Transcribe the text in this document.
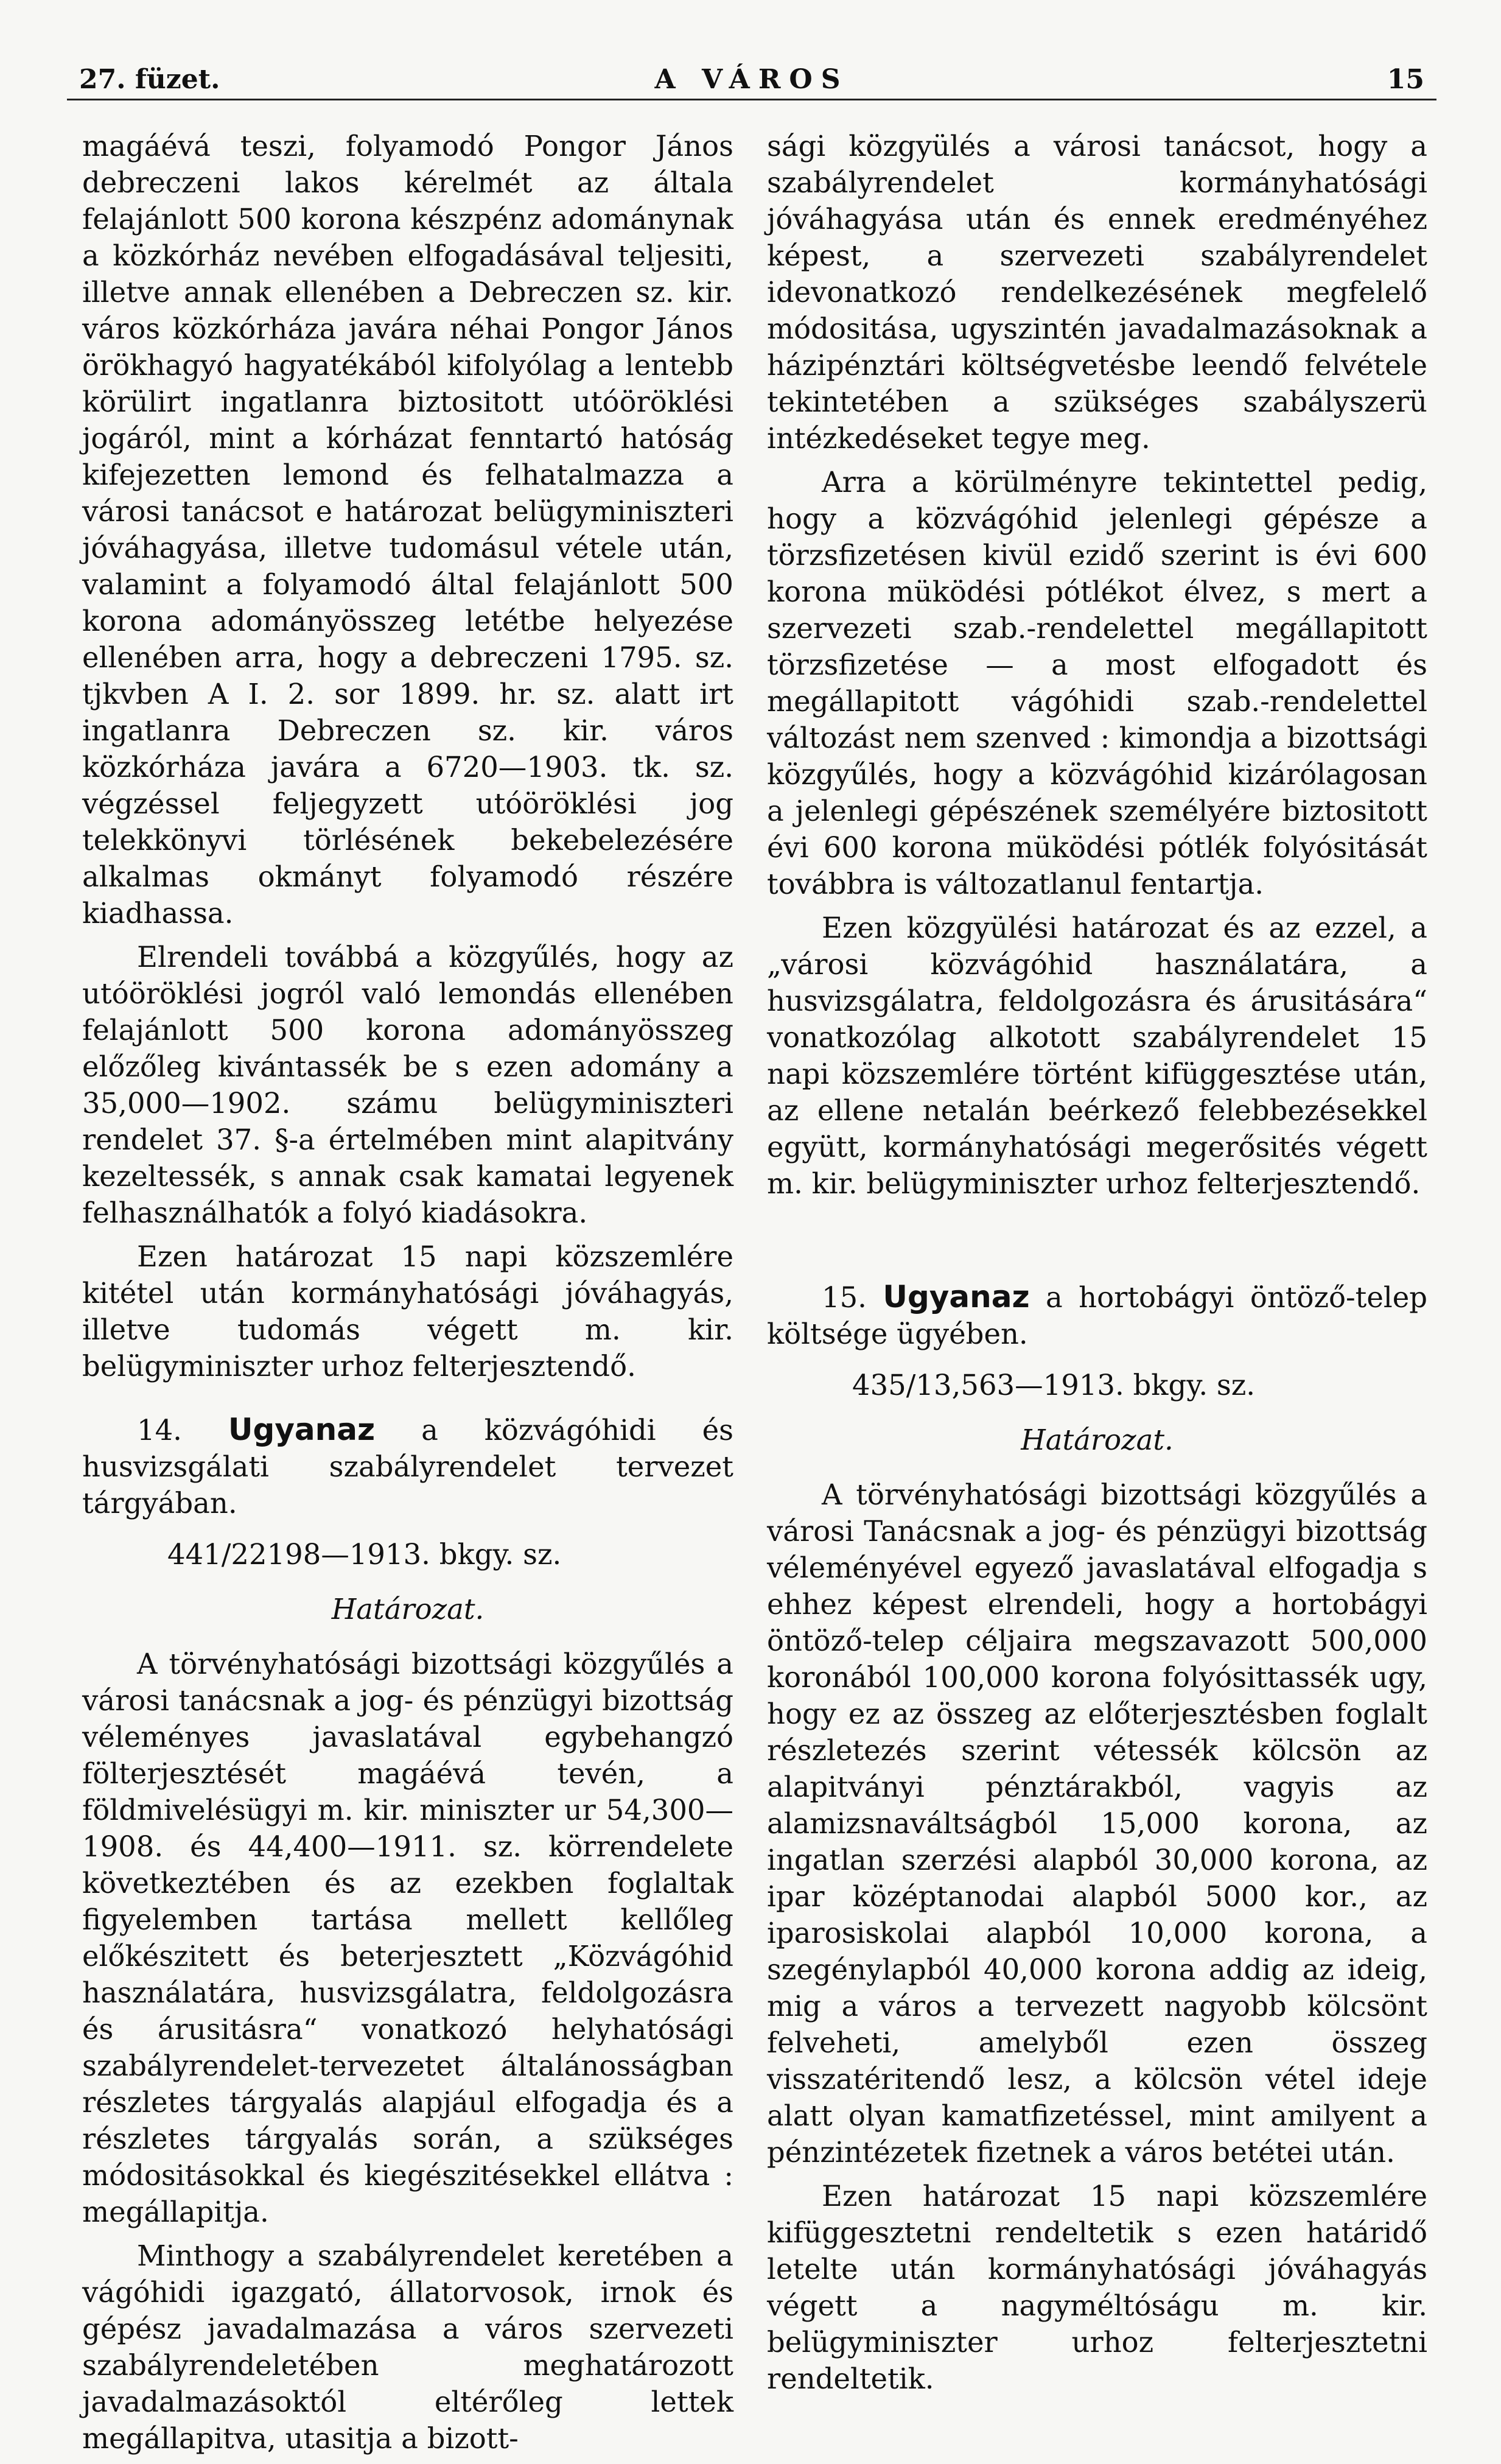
27. füzet.	A VÁROS	15

magáévá teszi, folyamodó Pongor János debreczeni lakos kérelmét az általa felajánlott 500 korona készpénz adománynak a közkórház nevében elfogadásával teljesiti, illetve annak ellenében a Debreczen sz. kir. város közkórháza javára néhai Pongor János örökhagyó hagyatékából kifolyólag a lentebb körülirt ingatlanra biztositott utóöröklési jogáról, mint a kórházat fenntartó hatóság kifejezetten lemond és felhatalmazza a városi tanácsot e határozat belügyminiszteri jóváhagyása, illetve tudomásul vétele után, valamint a folyamodó által felajánlott 500 korona adományösszeg letétbe helyezése ellenében arra, hogy a debreczeni 1795. sz. tjkvben A I. 2. sor 1899. hr. sz. alatt irt ingatlanra Debreczen sz. kir. város közkórháza javára a 6720—1903. tk. sz. végzéssel feljegyzett utóöröklési jog telekkönyvi törlésének bekebelezésére alkalmas okmányt folyamodó részére kiadhassa.

Elrendeli továbbá a közgyűlés, hogy az utóöröklési jogról való lemondás ellenében felajánlott 500 korona adományösszeg előzőleg kivántassék be s ezen adomány a 35,000—1902. számu belügyminiszteri rendelet 37. §-a értelmében mint alapitvány kezeltessék, s annak csak kamatai legyenek felhasználhatók a folyó kiadásokra.

Ezen határozat 15 napi közszemlére kitétel után kormányhatósági jóváhagyás, illetve tudomás végett m. kir. belügyminiszter urhoz felterjesztendő.

14. Ugyanaz a közvágóhidi és husvizsgálati szabályrendelet tervezet tárgyában.

441/22198—1913. bkgy. sz.

Határozat.

A törvényhatósági bizottsági közgyűlés a városi tanácsnak a jog- és pénzügyi bizottság véleményes javaslatával egybehangzó fölterjesztését magáévá tevén, a földmivelésügyi m. kir. miniszter ur 54,300—1908. és 44,400—1911. sz. körrendelete következtében és az ezekben foglaltak figyelemben tartása mellett kellőleg előkészitett és beterjesztett „Közvágóhid használatára, husvizsgálatra, feldolgozásra és árusitásra“ vonatkozó helyhatósági szabályrendelet-tervezetet általánosságban részletes tárgyalás alapjául elfogadja és a részletes tárgyalás során, a szükséges módositásokkal és kiegészitésekkel ellátva : megállapitja.

Minthogy a szabályrendelet keretében a vágóhidi igazgató, állatorvosok, irnok és gépész javadalmazása a város szervezeti szabályrendeletében meghatározott javadalmazásoktól eltérőleg lettek megállapitva, utasitja a bizott-

sági közgyülés a városi tanácsot, hogy a szabályrendelet kormányhatósági jóváhagyása után és ennek eredményéhez képest, a szervezeti szabályrendelet idevonatkozó rendelkezésének megfelelő módositása, ugyszintén javadalmazásoknak a házipénztári költségvetésbe leendő felvétele tekintetében a szükséges szabályszerü intézkedéseket tegye meg.

Arra a körülményre tekintettel pedig, hogy a közvágóhid jelenlegi gépésze a törzsfizetésen kivül ezidő szerint is évi 600 korona müködési pótlékot élvez, s mert a szervezeti szab.-rendelettel megállapitott törzsfizetése — a most elfogadott és megállapitott vágóhidi szab.-rendelettel változást nem szenved : kimondja a bizottsági közgyűlés, hogy a közvágóhid kizárólagosan a jelenlegi gépészének személyére biztositott évi 600 korona müködési pótlék folyósitását továbbra is változatlanul fentartja.

Ezen közgyülési határozat és az ezzel, a „városi közvágóhid használatára, a husvizsgálatra, feldolgozásra és árusitására“ vonatkozólag alkotott szabályrendelet 15 napi közszemlére történt kifüggesztése után, az ellene netalán beérkező felebbezésekkel együtt, kormányhatósági megerősités végett m. kir. belügyminiszter urhoz felterjesztendő.

15. Ugyanaz a hortobágyi öntöző-telep költsége ügyében.

435/13,563—1913. bkgy. sz.

Határozat.

A törvényhatósági bizottsági közgyűlés a városi Tanácsnak a jog- és pénzügyi bizottság véleményével egyező javaslatával elfogadja s ehhez képest elrendeli, hogy a hortobágyi öntöző-telep céljaira megszavazott 500,000 koronából 100,000 korona folyósittassék ugy, hogy ez az összeg az előterjesztésben foglalt részletezés szerint vétessék kölcsön az alapitványi pénztárakból, vagyis az alamizsnaváltságból 15,000 korona, az ingatlan szerzési alapból 30,000 korona, az ipar középtanodai alapból 5000 kor., az iparosiskolai alapból 10,000 korona, a szegénylapból 40,000 korona addig az ideig, mig a város a tervezett nagyobb kölcsönt felveheti, amelyből ezen összeg visszatéritendő lesz, a kölcsön vétel ideje alatt olyan kamatfizetéssel, mint amilyent a pénzintézetek fizetnek a város betétei után.

Ezen határozat 15 napi közszemlére kifüggesztetni rendeltetik s ezen határidő letelte után kormányhatósági jóváhagyás végett a nagyméltóságu m. kir. belügyminiszter urhoz felterjesztetni rendeltetik.
